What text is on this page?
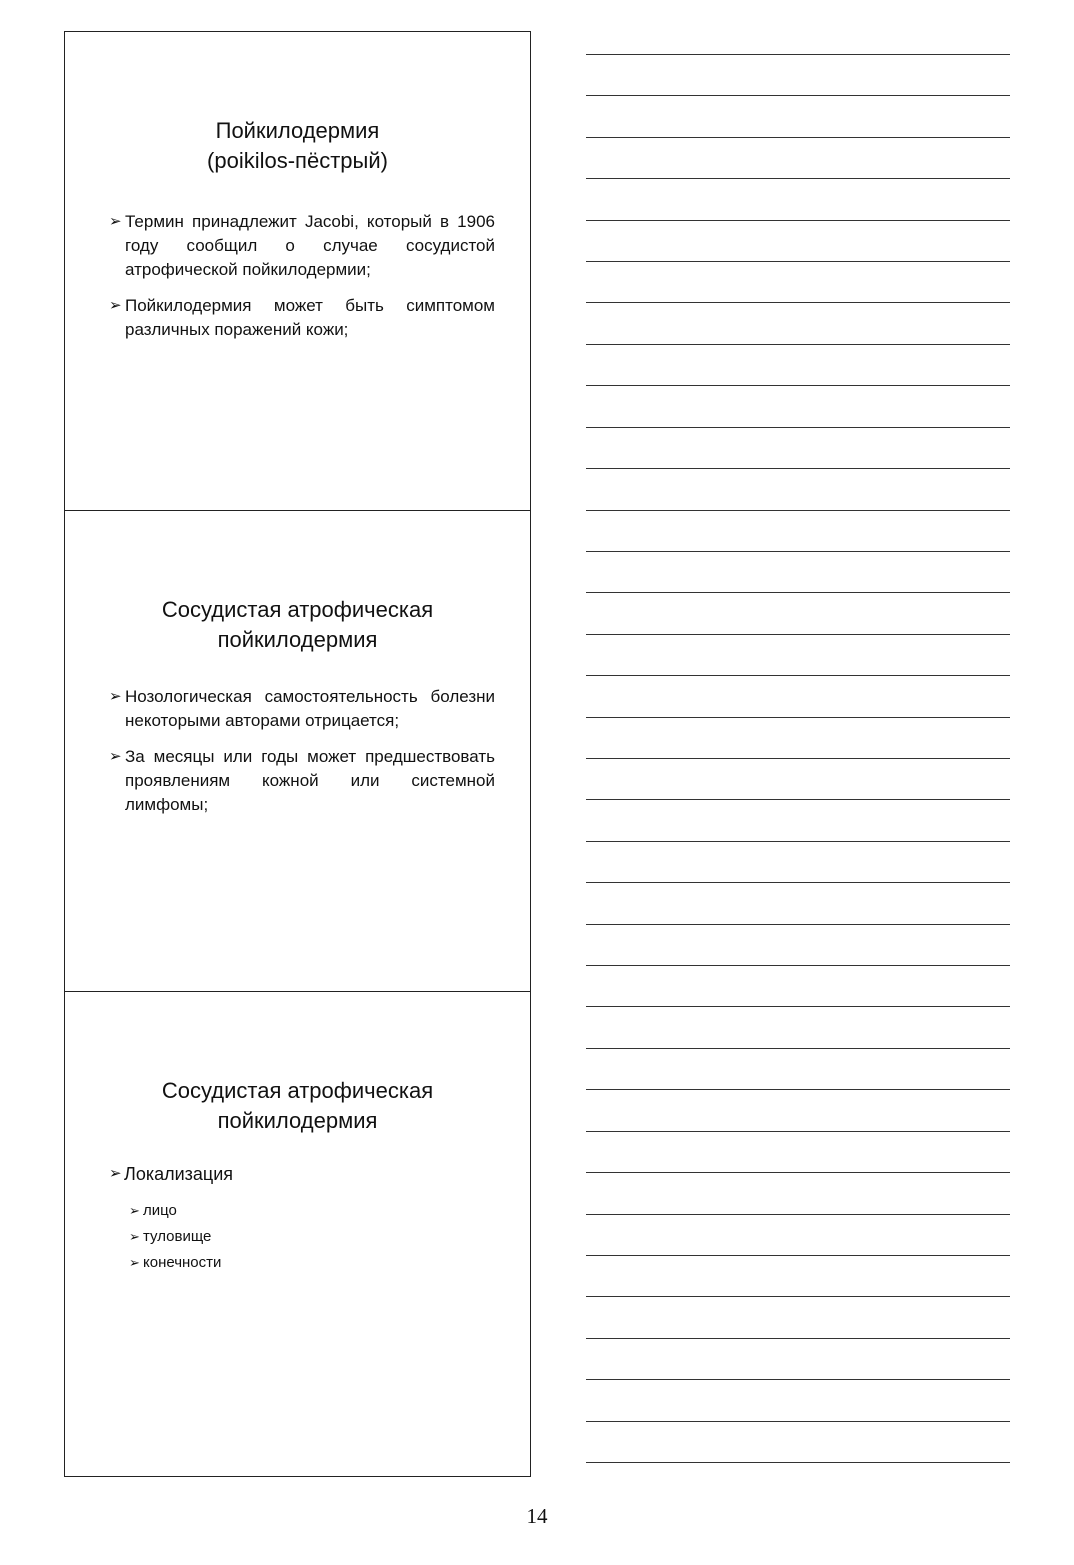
Пойкилодермия
(poikilos-пёстрый)
➢ Термин принадлежит Jacobi, который в 1906 году сообщил о случае сосудистой атрофической пойкилодермии;
➢ Пойкилодермия может быть симптомом различных поражений кожи;
Сосудистая атрофическая
пойкилодермия
➢ Нозологическая самостоятельность болезни некоторыми авторами отрицается;
➢ За месяцы или годы может предшествовать проявлениям кожной или системной лимфомы;
Сосудистая атрофическая
пойкилодермия
➢ Локализация
➢ лицо
➢ туловище
➢ конечности
14
